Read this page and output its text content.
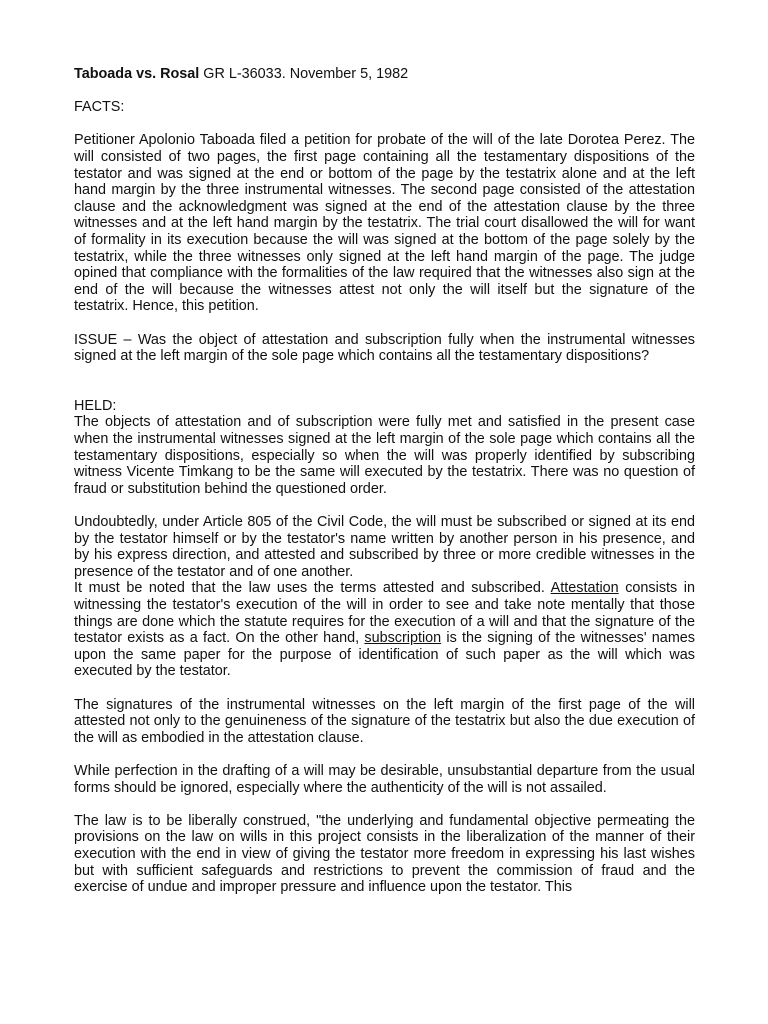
Taboada vs. Rosal GR L-36033. November 5, 1982

FACTS:

Petitioner Apolonio Taboada filed a petition for probate of the will of the late Dorotea Perez. The will consisted of two pages, the first page containing all the testamentary dispositions of the testator and was signed at the end or bottom of the page by the testatrix alone and at the left hand margin by the three instrumental witnesses. The second page consisted of the attestation clause and the acknowledgment was signed at the end of the attestation clause by the three witnesses and at the left hand margin by the testatrix. The trial court disallowed the will for want of formality in its execution because the will was signed at the bottom of the page solely by the testatrix, while the three witnesses only signed at the left hand margin of the page. The judge opined that compliance with the formalities of the law required that the witnesses also sign at the end of the will because the witnesses attest not only the will itself but the signature of the testatrix. Hence, this petition.

ISSUE – Was the object of attestation and subscription fully when the instrumental witnesses signed at the left margin of the sole page which contains all the testamentary dispositions?

HELD:

The objects of attestation and of subscription were fully met and satisfied in the present case when the instrumental witnesses signed at the left margin of the sole page which contains all the testamentary dispositions, especially so when the will was properly identified by subscribing witness Vicente Timkang to be the same will executed by the testatrix. There was no question of fraud or substitution behind the questioned order.

Undoubtedly, under Article 805 of the Civil Code, the will must be subscribed or signed at its end by the testator himself or by the testator's name written by another person in his presence, and by his express direction, and attested and subscribed by three or more credible witnesses in the presence of the testator and of one another.

It must be noted that the law uses the terms attested and subscribed. Attestation consists in witnessing the testator's execution of the will in order to see and take note mentally that those things are done which the statute requires for the execution of a will and that the signature of the testator exists as a fact. On the other hand, subscription is the signing of the witnesses' names upon the same paper for the purpose of identification of such paper as the will which was executed by the testator.

The signatures of the instrumental witnesses on the left margin of the first page of the will attested not only to the genuineness of the signature of the testatrix but also the due execution of the will as embodied in the attestation clause.

While perfection in the drafting of a will may be desirable, unsubstantial departure from the usual forms should be ignored, especially where the authenticity of the will is not assailed.

The law is to be liberally construed, "the underlying and fundamental objective permeating the provisions on the law on wills in this project consists in the liberalization of the manner of their execution with the end in view of giving the testator more freedom in expressing his last wishes but with sufficient safeguards and restrictions to prevent the commission of fraud and the exercise of undue and improper pressure and influence upon the testator. This
